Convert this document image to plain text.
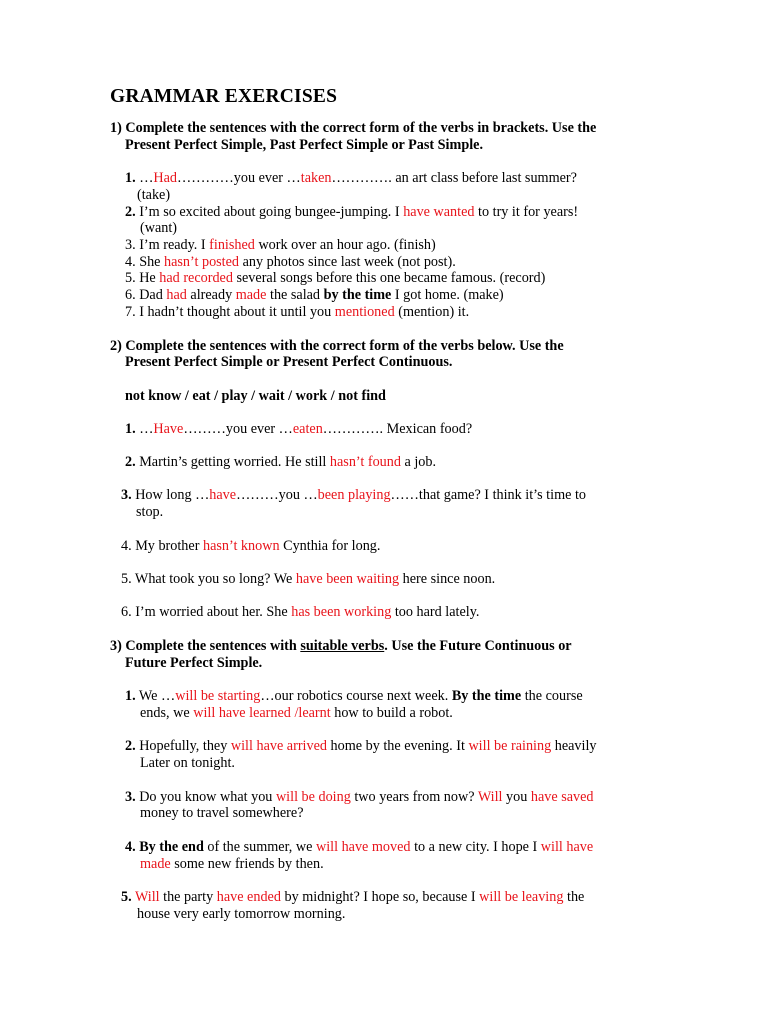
GRAMMAR EXERCISES
1) Complete the sentences with the correct form of the verbs in brackets. Use the
Present Perfect Simple, Past Perfect Simple or Past Simple.
1. …Had…………you ever …taken…………. an art class before last summer?
(take)
2. I’m so excited about going bungee-jumping. I have wanted to try it for years!
(want)
3. I’m ready. I finished work over an hour ago. (finish)
4. She hasn’t posted any photos since last week (not post).
5. He had recorded several songs before this one became famous. (record)
6. Dad had already made the salad by the time I got home. (make)
7. I hadn’t thought about it until you mentioned (mention) it.
2) Complete the sentences with the correct form of the verbs below. Use the
Present Perfect Simple or Present Perfect Continuous.
not know / eat / play / wait / work / not find
1. …Have………you ever …eaten…………. Mexican food?
2. Martin’s getting worried. He still hasn’t found a job.
3. How long …have………you …been playing……that game? I think it’s time to
stop.
4. My brother hasn’t known Cynthia for long.
5. What took you so long? We have been waiting here since noon.
6. I’m worried about her. She has been working too hard lately.
3) Complete the sentences with suitable verbs. Use the Future Continuous or
Future Perfect Simple.
1. We …will be starting…our robotics course next week. By the time the course
ends, we will have learned /learnt how to build a robot.
2. Hopefully, they will have arrived home by the evening. It will be raining heavily
Later on tonight.
3. Do you know what you will be doing two years from now? Will you have saved
money to travel somewhere?
4. By the end of the summer, we will have moved to a new city. I hope I will have
made some new friends by then.
5. Will the party have ended by midnight? I hope so, because I will be leaving the
house very early tomorrow morning.
